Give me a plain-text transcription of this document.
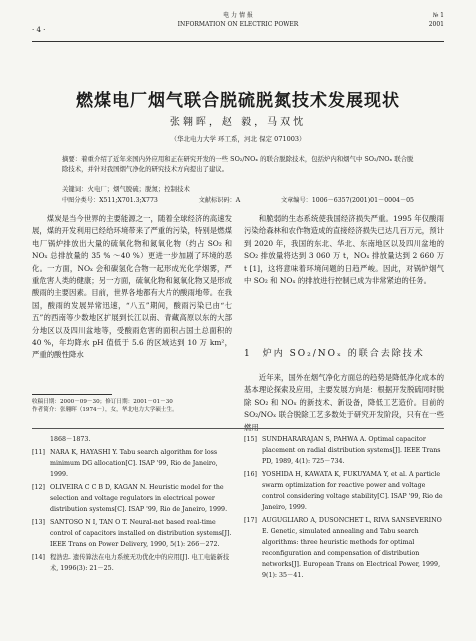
电 力 情 报
INFORMATION ON ELECTRIC POWER
· 4 ·
№ 1
2001
燃煤电厂烟气联合脱硫脱氮技术发展现状
张翱晖，赵 毅，马双忱
（华北电力大学 环工系，河北 保定 071003）
摘要：着重介绍了近年来国内外应用和正在研究开发的一些 SO₂/NOₓ 的联合脱除技术，包括炉内和烟气中 SO₂/NOₓ 联合脱除技术，并针对我国烟气净化的研究技术方向提出了建议。
关键词：火电厂；烟气脱硫；脱氮；控制技术
中图分类号：X511;X701.3;X773	文献标识码：A	文章编号：1006－6357(2001)01－0004－05

煤炭是当今世界的主要能源之一，随着全球经济的高速发展，煤的开发利用已经给环境带来了严重的污染，特别是燃煤电厂锅炉排放出大量的硫氧化物和氮氧化物（约占 SO₂ 和 NOₓ 总排放量的 35 % ～40 %）更进一步加剧了环境的恶化。一方面，NOₓ 会和碳氢化合物一起形成光化学烟雾，严重危害人类的健康；另一方面，硫氧化物和氮氧化物又是形成酸雨的主要因素。目前，世界各地都有大片的酸雨地带。在我国，酸雨的发展异常迅速，“八五”期间，酸雨污染已由“七五”的西南等少数地区扩展到长江以南、青藏高原以东的大部分地区以及四川盆地等，受酸雨危害的面积占国土总面积的 40 %，年均降水 pH 值低于 5.6 的区域达到 10 万 km²，严重的酸性降水

和脆弱的生态系统使我国经济损失严重。1995 年仅酸雨污染给森林和农作物造成的直接经济损失已达几百万元，预计到 2020 年，我国的东北、华北、东南地区以及四川盆地的 SO₂ 排放量将达到 3 060 万 t，NOₓ 排放量达到 2 660 万 t [1]，这将意味着环境问题的日趋严峻。因此，对锅炉烟气中 SO₂ 和 NOₓ 的排放进行控制已成为非常紧迫的任务。

1　炉内 SO₂/NOₓ 的联合去除技术

近年来，国外在烟气净化方面总的趋势是降低净化成本的基本理论探索及应用，主要发展方向是：根据开发脱硫同时脱除 SO₂ 和 NOₓ 的新技术、新设备，降低工艺造价。目前的 SO₂/NOₓ 联合脱除工艺多数处于研究开发阶段，只有在一些燃用

收稿日期：2000－09－30；修订日期：2001－01－30
作者简介：张翱晖（1974－），女，华北电力大学硕士生。
1868－1873.
[11] NARA K, HAYASHI Y. Tabu search algorithm for loss minimum DG allocation[C]. ISAP '99, Rio de Janeiro, 1999.
[12] OLIVEIRA C C B D, KAGAN N. Heuristic model for the selection and voltage regulators in electrical power distribution systems[C]. ISAP '99, Rio de Janeiro, 1999.
[13] SANTOSO N I, TAN O T. Neural-net based real-time control of capacitors installed on distribution systems[J]. IEEE Trans on Power Delivery, 1990, 5(1): 266－272.
[14] 程浩忠. 遗传算法在电力系统无功优化中的应用[J]. 电工电能新技术, 1996(3): 21－25.
[15] SUNDHARARAJAN S, PAHWA A. Optimal capacitor placement on radial distribution systems[J]. IEEE Trans PD, 1989, 4(1): 725－734.
[16] YOSHIDA H, KAWATA K, FUKUYAMA Y, et al. A particle swarm optimization for reactive power and voltage control considering voltage stability[C]. ISAP '99, Rio de Janeiro, 1999.
[17] AUGUGLIARO A, DUSONCHET L, RIVA SANSEVERINO E. Genetic, simulated annealing and Tabu search algorithms: three heuristic methods for optimal reconfiguration and compensation of distribution networks[J]. European Trans on Electrical Power, 1999, 9(1): 35－41.
